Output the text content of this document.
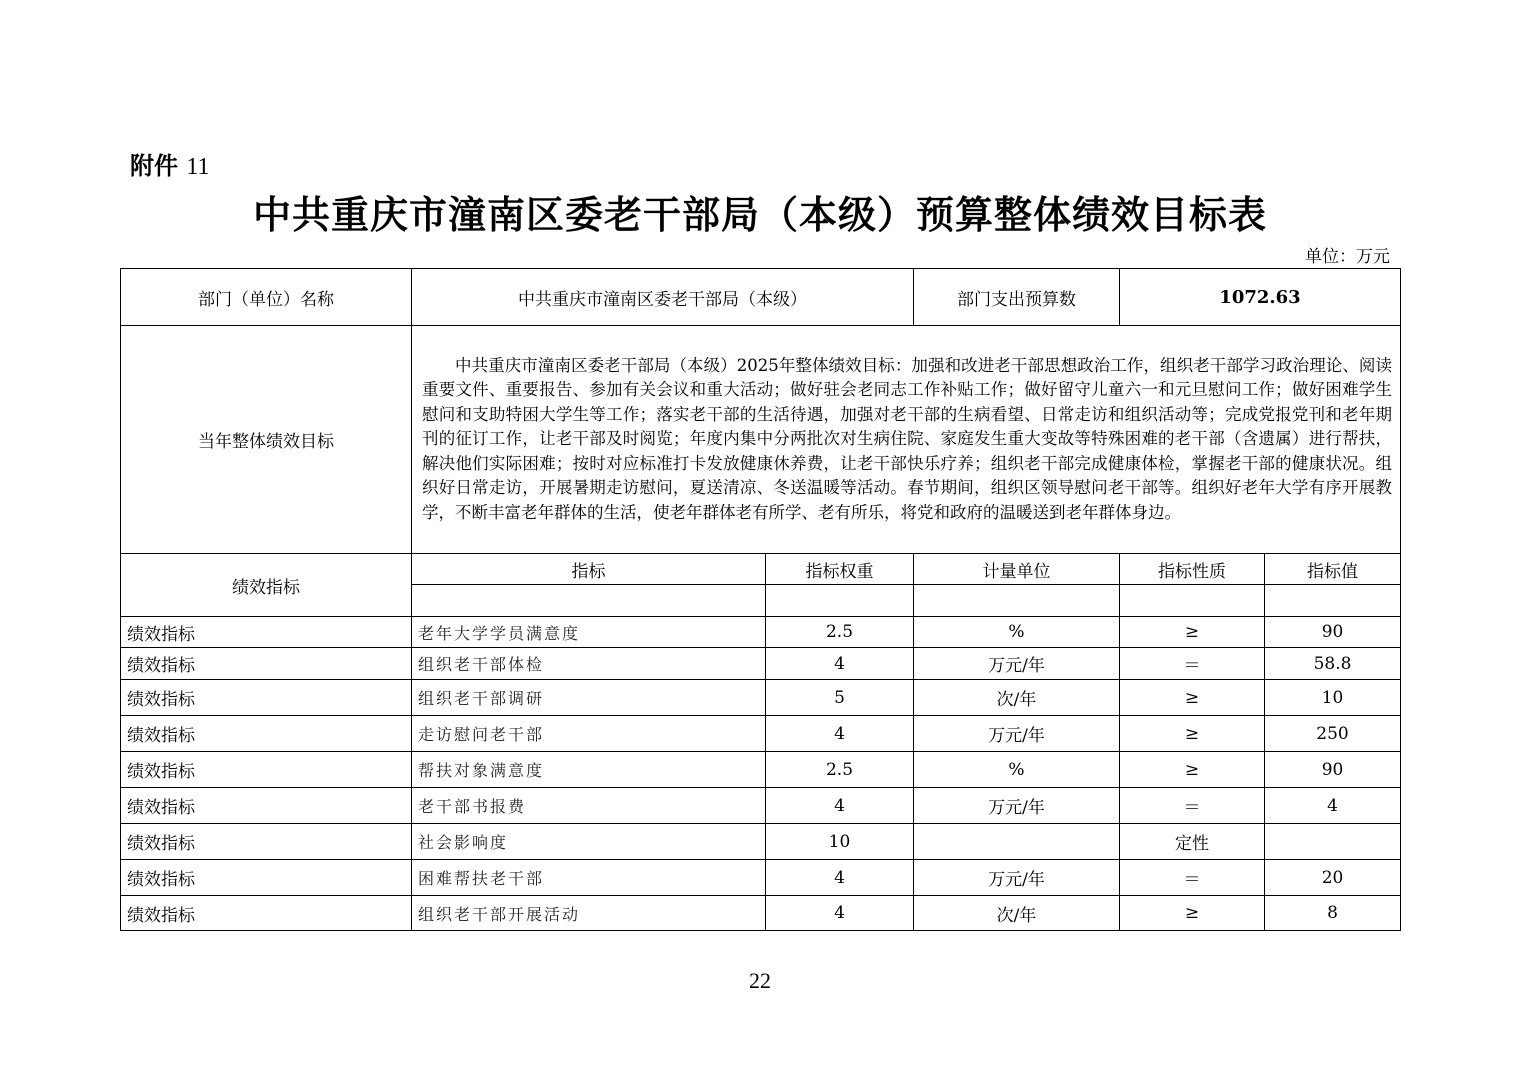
附件 11
中共重庆市潼南区委老干部局（本级）预算整体绩效目标表
单位：万元
部门（单位）名称	中共重庆市潼南区委老干部局（本级）		部门支出预算数	1072.63	
当年整体绩效目标	中共重庆市潼南区委老干部局（本级）2025年整体绩效目标：加强和改进老干部思想政治工作，组织老干部学习政治理论、阅读重要文件、重要报告、参加有关会议和重大活动；做好驻会老同志工作补贴工作；做好留守儿童六一和元旦慰问工作；做好困难学生慰问和支助特困大学生等工作；落实老干部的生活待遇，加强对老干部的生病看望、日常走访和组织活动等；完成党报党刊和老年期刊的征订工作，让老干部及时阅览；年度内集中分两批次对生病住院、家庭发生重大变故等特殊困难的老干部（含遗属）进行帮扶，解决他们实际困难；按时对应标准打卡发放健康休养费，让老干部快乐疗养；组织老干部完成健康体检，掌握老干部的健康状况。组织好日常走访，开展暑期走访慰问，夏送清凉、冬送温暖等活动。春节期间，组织区领导慰问老干部等。组织好老年大学有序开展教学，不断丰富老年群体的生活，使老年群体老有所学、老有所乐，将党和政府的温暖送到老年群体身边。				
绩效指标	指标	指标权重	计量单位	指标性质	指标值

绩效指标	老年大学学员满意度	2.5	%	≥	90
绩效指标	组织老干部体检	4	万元/年	＝	58.8
绩效指标	组织老干部调研	5	次/年	≥	10
绩效指标	走访慰问老干部	4	万元/年	≥	250
绩效指标	帮扶对象满意度	2.5	%	≥	90
绩效指标	老干部书报费	4	万元/年	＝	4
绩效指标	社会影响度	10		定性	
绩效指标	困难帮扶老干部	4	万元/年	＝	20
绩效指标	组织老干部开展活动	4	次/年	≥	8
22
